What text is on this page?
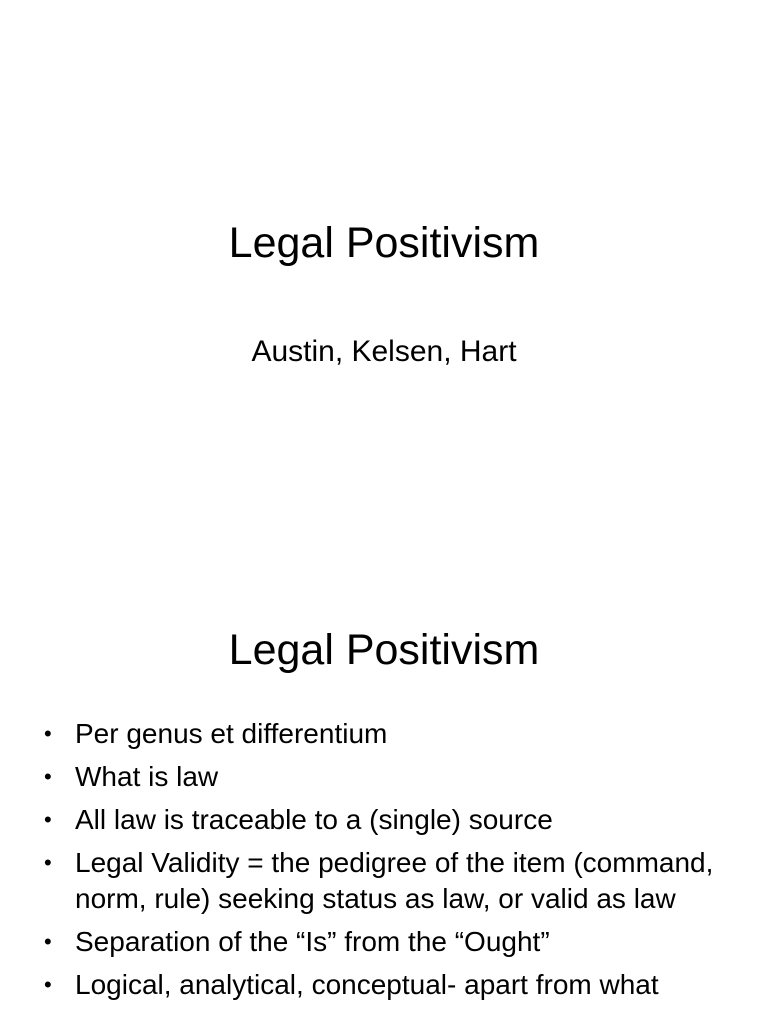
Legal Positivism

Austin, Kelsen, Hart

Legal Positivism
• Per genus et differentium
• What is law
• All law is traceable to a (single) source
• Legal Validity = the pedigree of the item (command, norm, rule) seeking status as law, or valid as law
• Separation of the “Is” from the “Ought”
• Logical, analytical, conceptual- apart from what
